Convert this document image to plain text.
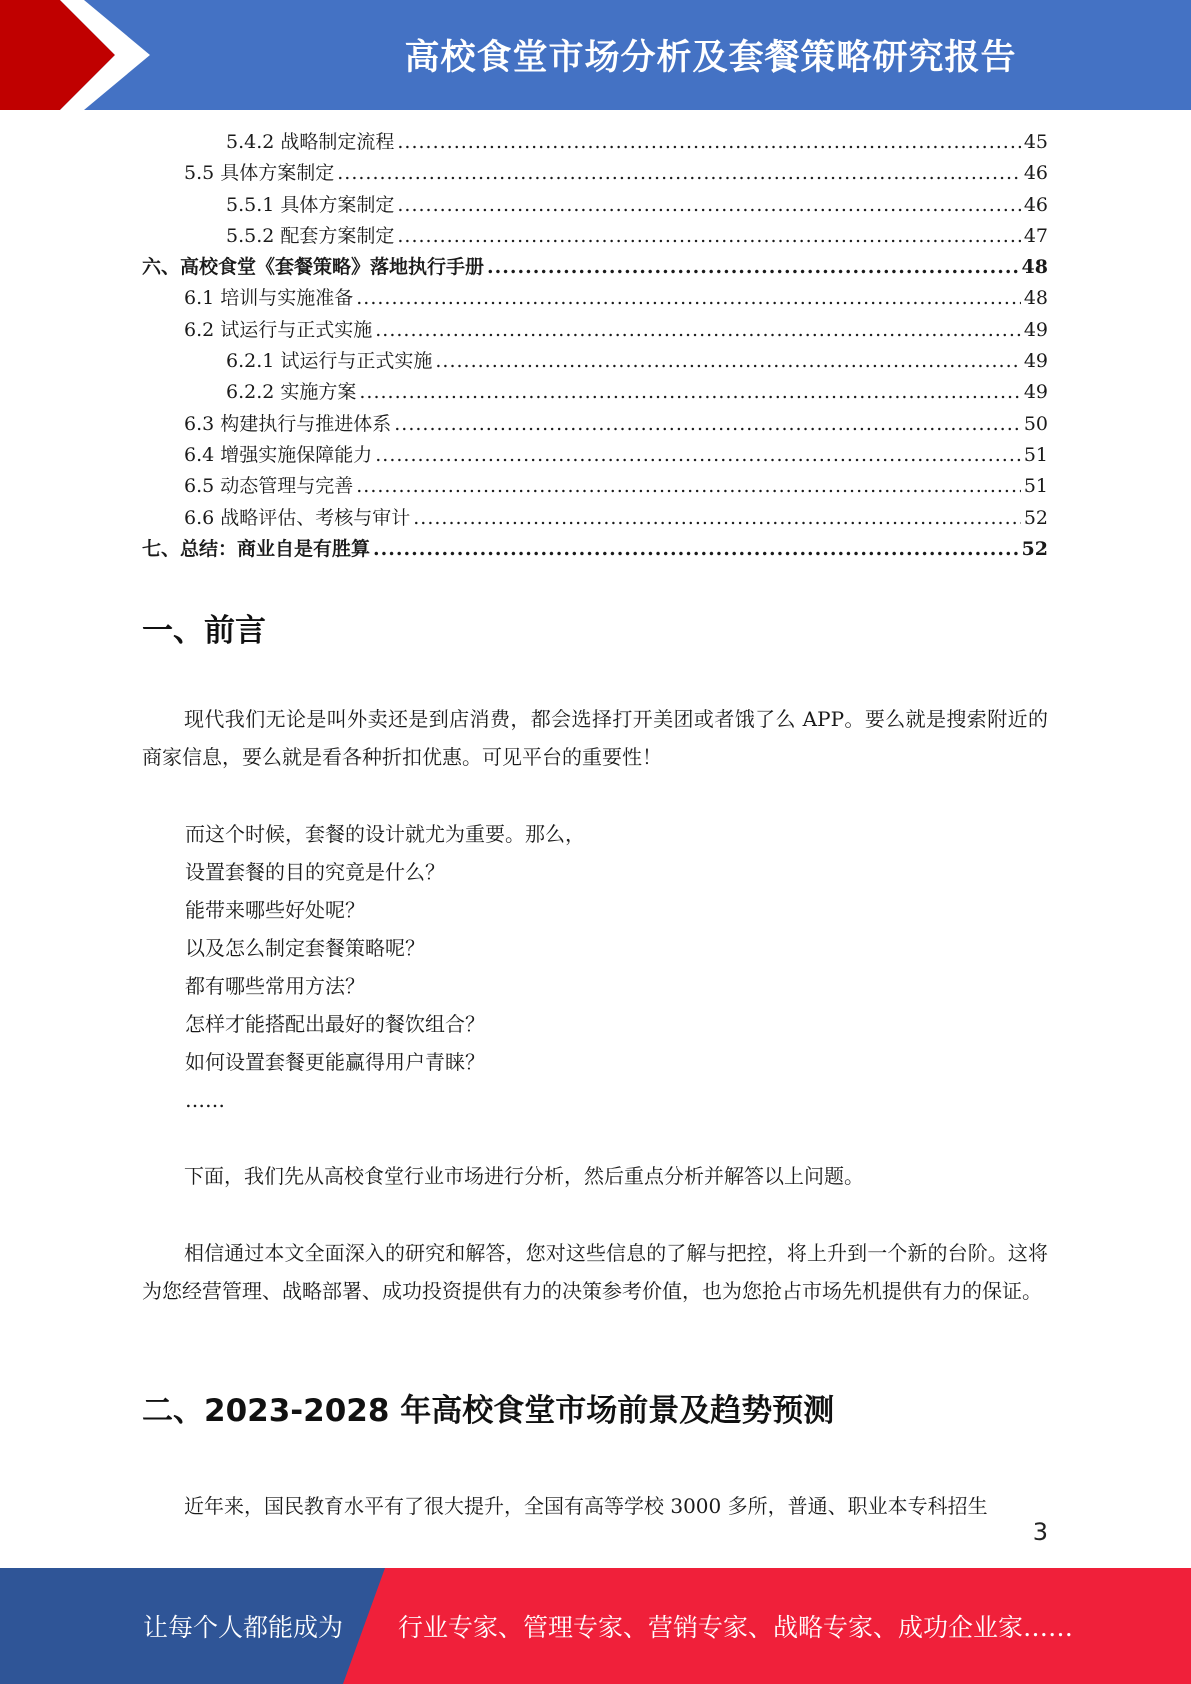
高校食堂市场分析及套餐策略研究报告
5.4.2 战略制定流程 .....	45
5.5 具体方案制定 .....	46
5.5.1 具体方案制定 .....	46
5.5.2 配套方案制定 .....	47
六、高校食堂《套餐策略》落地执行手册 .....	48
6.1 培训与实施准备 .....	48
6.2 试运行与正式实施 .....	49
6.2.1 试运行与正式实施 .....	49
6.2.2 实施方案 .....	49
6.3 构建执行与推进体系 .....	50
6.4 增强实施保障能力 .....	51
6.5 动态管理与完善 .....	51
6.6 战略评估、考核与审计 .....	52
七、总结：商业自是有胜算 .....	52
一、前言

现代我们无论是叫外卖还是到店消费，都会选择打开美团或者饿了么 APP。要么就是搜索附近的商家信息，要么就是看各种折扣优惠。可见平台的重要性！

而这个时候，套餐的设计就尤为重要。那么，
设置套餐的目的究竟是什么？
能带来哪些好处呢？
以及怎么制定套餐策略呢？
都有哪些常用方法？
怎样才能搭配出最好的餐饮组合？
如何设置套餐更能赢得用户青睐？
……

下面，我们先从高校食堂行业市场进行分析，然后重点分析并解答以上问题。

相信通过本文全面深入的研究和解答，您对这些信息的了解与把控，将上升到一个新的台阶。这将为您经营管理、战略部署、成功投资提供有力的决策参考价值，也为您抢占市场先机提供有力的保证。

二、2023-2028 年高校食堂市场前景及趋势预测

近年来，国民教育水平有了很大提升，全国有高等学校 3000 多所，普通、职业本专科招生

3
让每个人都能成为 行业专家、管理专家、营销专家、战略专家、成功企业家……
